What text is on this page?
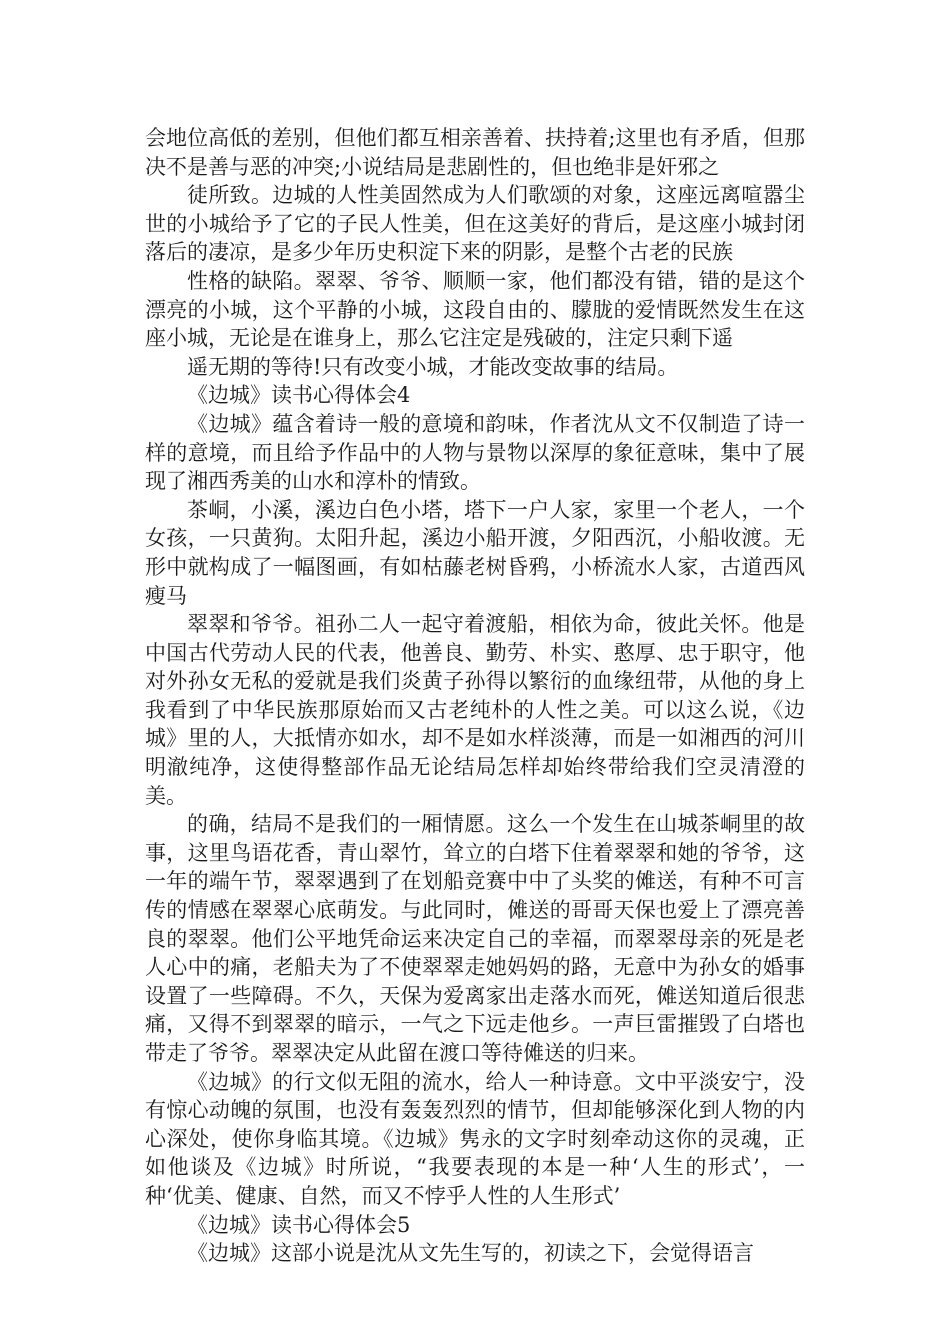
会地位高低的差别，但他们都互相亲善着、扶持着;这里也有矛盾，但那决不是善与恶的冲突;小说结局是悲剧性的，但也绝非是奸邪之

徒所致。边城的人性美固然成为人们歌颂的对象，这座远离喧嚣尘世的小城给予了它的子民人性美，但在这美好的背后，是这座小城封闭落后的凄凉，是多少年历史积淀下来的阴影，是整个古老的民族

性格的缺陷。翠翠、爷爷、顺顺一家，他们都没有错，错的是这个漂亮的小城，这个平静的小城，这段自由的、朦胧的爱情既然发生在这座小城，无论是在谁身上，那么它注定是残破的，注定只剩下遥

遥无期的等待!只有改变小城，才能改变故事的结局。

《边城》读书心得体会4

《边城》蕴含着诗一般的意境和韵味，作者沈从文不仅制造了诗一样的意境，而且给予作品中的人物与景物以深厚的象征意味，集中了展现了湘西秀美的山水和淳朴的情致。

茶峒，小溪，溪边白色小塔，塔下一户人家，家里一个老人，一个女孩，一只黄狗。太阳升起，溪边小船开渡，夕阳西沉，小船收渡。无形中就构成了一幅图画，有如枯藤老树昏鸦，小桥流水人家，古道西风瘦马

翠翠和爷爷。祖孙二人一起守着渡船，相依为命，彼此关怀。他是中国古代劳动人民的代表，他善良、勤劳、朴实、憨厚、忠于职守，他对外孙女无私的爱就是我们炎黄子孙得以繁衍的血缘纽带，从他的身上我看到了中华民族那原始而又古老纯朴的人性之美。可以这么说，《边城》里的人，大抵情亦如水，却不是如水样淡薄，而是一如湘西的河川明澈纯净，这使得整部作品无论结局怎样却始终带给我们空灵清澄的美。

的确，结局不是我们的一厢情愿。这么一个发生在山城茶峒里的故事，这里鸟语花香，青山翠竹，耸立的白塔下住着翠翠和她的爷爷，这一年的端午节，翠翠遇到了在划船竞赛中中了头奖的傩送，有种不可言传的情感在翠翠心底萌发。与此同时，傩送的哥哥天保也爱上了漂亮善良的翠翠。他们公平地凭命运来决定自己的幸福，而翠翠母亲的死是老人心中的痛，老船夫为了不使翠翠走她妈妈的路，无意中为孙女的婚事设置了一些障碍。不久，天保为爱离家出走落水而死，傩送知道后很悲痛，又得不到翠翠的暗示，一气之下远走他乡。一声巨雷摧毁了白塔也带走了爷爷。翠翠决定从此留在渡口等待傩送的归来。

《边城》的行文似无阻的流水，给人一种诗意。文中平淡安宁，没有惊心动魄的氛围，也没有轰轰烈烈的情节，但却能够深化到人物的内心深处，使你身临其境。《边城》隽永的文字时刻牵动这你的灵魂，正如他谈及《边城》时所说，“我要表现的本是一种‘人生的形式’，一种‘优美、健康、自然，而又不悖乎人性的人生形式’

《边城》读书心得体会5

《边城》这部小说是沈从文先生写的，初读之下，会觉得语言
